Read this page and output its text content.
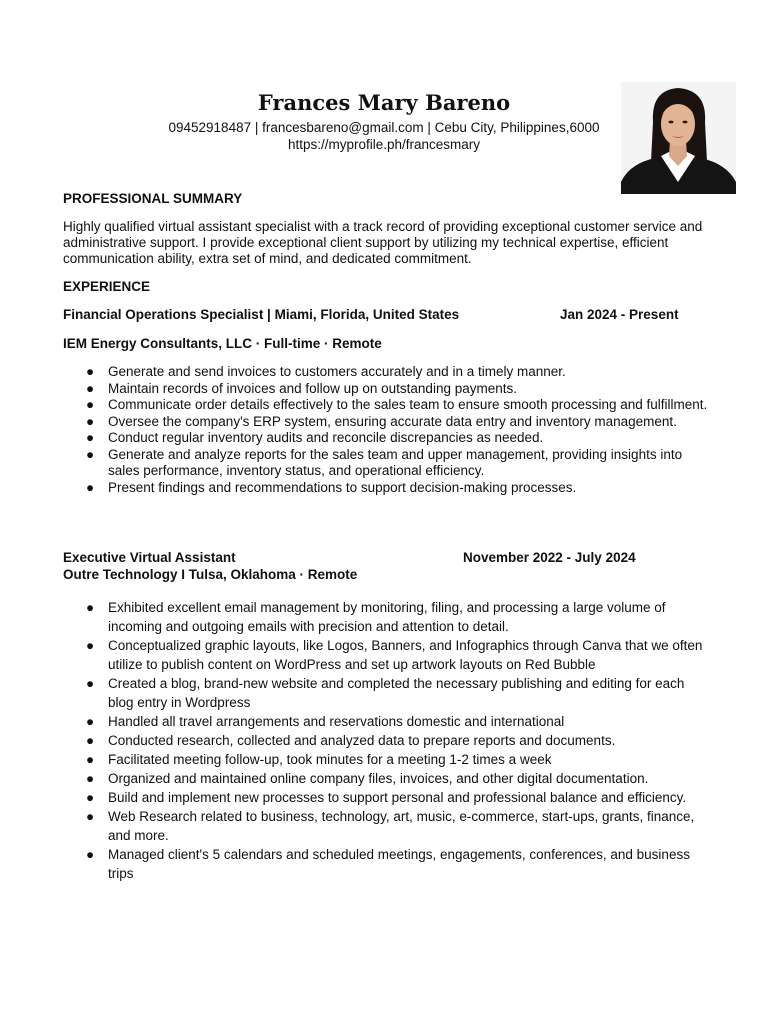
Frances Mary Bareno
09452918487 | francesbareno@gmail.com | Cebu City, Philippines,6000
https://myprofile.ph/francesmary
PROFESSIONAL SUMMARY
Highly qualified virtual assistant specialist with a track record of providing exceptional customer service and administrative support. I provide exceptional client support by utilizing my technical expertise, efficient communication ability, extra set of mind, and dedicated commitment.
EXPERIENCE
Financial Operations Specialist | Miami, Florida, United States	Jan 2024 - Present
IEM Energy Consultants, LLC · Full-time · Remote
● Generate and send invoices to customers accurately and in a timely manner.
● Maintain records of invoices and follow up on outstanding payments.
● Communicate order details effectively to the sales team to ensure smooth processing and fulfillment.
● Oversee the company's ERP system, ensuring accurate data entry and inventory management.
● Conduct regular inventory audits and reconcile discrepancies as needed.
● Generate and analyze reports for the sales team and upper management, providing insights into sales performance, inventory status, and operational efficiency.
● Present findings and recommendations to support decision-making processes.
Executive Virtual Assistant	November 2022 - July 2024
Outre Technology I Tulsa, Oklahoma · Remote
● Exhibited excellent email management by monitoring, filing, and processing a large volume of incoming and outgoing emails with precision and attention to detail.
● Conceptualized graphic layouts, like Logos, Banners, and Infographics through Canva that we often utilize to publish content on WordPress and set up artwork layouts on Red Bubble
● Created a blog, brand-new website and completed the necessary publishing and editing for each blog entry in Wordpress
● Handled all travel arrangements and reservations domestic and international
● Conducted research, collected and analyzed data to prepare reports and documents.
● Facilitated meeting follow-up, took minutes for a meeting 1-2 times a week
● Organized and maintained online company files, invoices, and other digital documentation.
● Build and implement new processes to support personal and professional balance and efficiency.
● Web Research related to business, technology, art, music, e-commerce, start-ups, grants, finance, and more.
● Managed client's 5 calendars and scheduled meetings, engagements, conferences, and business trips
